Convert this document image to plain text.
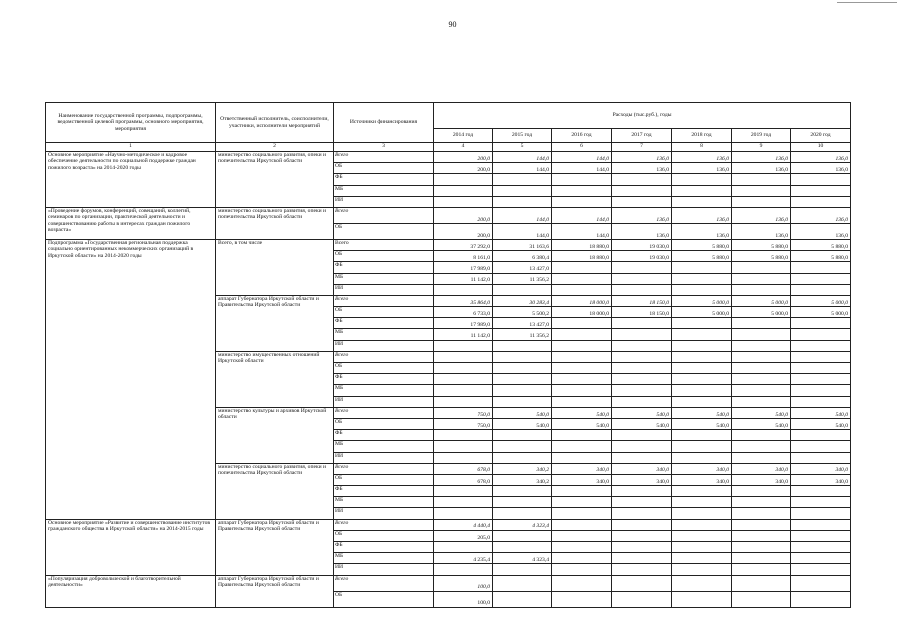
90
Наименование государственной программы, подпрограммы, ведомственной целевой программы, основного мероприятия, мероприятия	Ответственный исполнитель, соисполнители, участники, исполнители мероприятий	Источники финансирования	Расходы (тыс.руб.), годы						
			2014 год	2015 год	2016 год	2017 год	2018 год	2019 год	2020 год
1	2	3	4	5	6	7	8	9	10
Основное мероприятие «Научно-методическое и кадровое обеспечение деятельности по социальной поддержке граждан пожилого возраста» на 2014-2020 годы	министерство социального развития, опеки и попечительства Иркутской области	Всего	200,0	144,0	144,0	136,0	136,0	136,0	136,0
		ОБ	200,0	144,0	144,0	136,0	136,0	136,0	136,0
		ФБ							
		МБ							
		ИИ							
«Проведение форумов, конференций, совещаний, коллегий, семинаров по организации, практической деятельности и совершенствованию работы в интересах граждан пожилого возраста»	министерство социального развития, опеки и попечительства Иркутской области	Всего	200,0	144,0	144,0	136,0	136,0	136,0	136,0
		ОБ	200,0	144,0	144,0	136,0	136,0	136,0	136,0
Подпрограмма «Государственная региональная поддержка социально ориентированных некоммерческих организаций в Иркутской области» на 2014-2020 годы	Всего, в том числе	Всего	37 292,0	31 163,6	18 880,0	19 030,0	5 880,0	5 880,0	5 880,0
		ОБ	8 161,0	6 380,4	18 880,0	19 030,0	5 880,0	5 880,0	5 880,0
		ФБ	17 989,0	13 427,0					
		МБ	11 142,0	11 356,2					
		ИИ							
	аппарат Губернатора Иркутской области и Правительства Иркутской области	Всего	35 864,0	30 283,4	18 000,0	18 150,0	5 000,0	5 000,0	5 000,0
		ОБ	6 733,0	5 500,2	18 000,0	18 150,0	5 000,0	5 000,0	5 000,0
		ФБ	17 989,0	13 427,0					
		МБ	11 142,0	11 356,2					
		ИИ							
	министерство имущественных отношений Иркутской области	Всего							
		ОБ							
		ФБ							
		МБ							
		ИИ							
	министерство культуры и архивов Иркутской области	Всего	750,0	540,0	540,0	540,0	540,0	540,0	540,0
		ОБ	750,0	540,0	540,0	540,0	540,0	540,0	540,0
		ФБ							
		МБ							
		ИИ							
	министерство социального развития, опеки и попечительства Иркутской области	Всего	678,0	340,2	340,0	340,0	340,0	340,0	340,0
		ОБ	678,0	340,2	340,0	340,0	340,0	340,0	340,0
		ФБ							
		МБ							
		ИИ							
Основное мероприятие «Развитие и совершенствование институтов гражданского общества в Иркутской области» на 2014-2015 годы	аппарат Губернатора Иркутской области и Правительства Иркутской области	Всего	4 440,4	4 323,4					
		ОБ	205,0						
		ФБ							
		МБ	4 235,4	4 323,4					
		ИИ							
«Популяризация добровольческой и благотворительной деятельности»	аппарат Губернатора Иркутской области и Правительства Иркутской области	Всего	100,0						
		ОБ	100,0						
